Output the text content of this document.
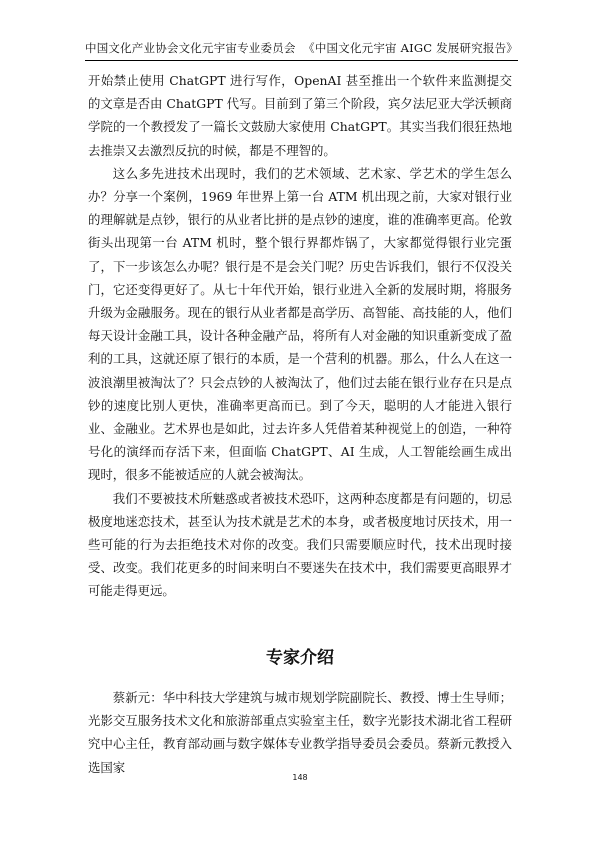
中国文化产业协会文化元宇宙专业委员会 《中国文化元宇宙 AIGC 发展研究报告》

开始禁止使用 ChatGPT 进行写作，OpenAI 甚至推出一个软件来监测提交的文章是否由 ChatGPT 代写。目前到了第三个阶段，宾夕法尼亚大学沃顿商学院的一个教授发了一篇长文鼓励大家使用 ChatGPT。其实当我们很狂热地去推崇又去激烈反抗的时候，都是不理智的。

这么多先进技术出现时，我们的艺术领域、艺术家、学艺术的学生怎么办？分享一个案例，1969 年世界上第一台 ATM 机出现之前，大家对银行业的理解就是点钞，银行的从业者比拼的是点钞的速度，谁的准确率更高。伦敦街头出现第一台 ATM 机时，整个银行界都炸锅了，大家都觉得银行业完蛋了，下一步该怎么办呢？银行是不是会关门呢？历史告诉我们，银行不仅没关门，它还变得更好了。从七十年代开始，银行业进入全新的发展时期，将服务升级为金融服务。现在的银行从业者都是高学历、高智能、高技能的人，他们每天设计金融工具，设计各种金融产品，将所有人对金融的知识重新变成了盈利的工具，这就还原了银行的本质，是一个营利的机器。那么，什么人在这一波浪潮里被淘汰了？只会点钞的人被淘汰了，他们过去能在银行业存在只是点钞的速度比别人更快，准确率更高而已。到了今天，聪明的人才能进入银行业、金融业。艺术界也是如此，过去许多人凭借着某种视觉上的创造，一种符号化的演绎而存活下来，但面临 ChatGPT、AI 生成，人工智能绘画生成出现时，很多不能被适应的人就会被淘汰。

我们不要被技术所魅惑或者被技术恐吓，这两种态度都是有问题的，切忌极度地迷恋技术，甚至认为技术就是艺术的本身，或者极度地讨厌技术，用一些可能的行为去拒绝技术对你的改变。我们只需要顺应时代，技术出现时接受、改变。我们花更多的时间来明白不要迷失在技术中，我们需要更高眼界才可能走得更远。

专家介绍

蔡新元：华中科技大学建筑与城市规划学院副院长、教授、博士生导师；光影交互服务技术文化和旅游部重点实验室主任，数字光影技术湖北省工程研究中心主任，教育部动画与数字媒体专业教学指导委员会委员。蔡新元教授入选国家

148
